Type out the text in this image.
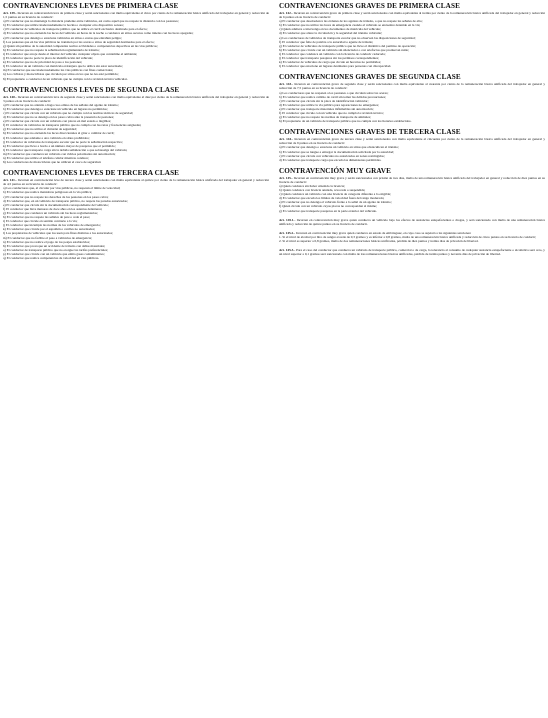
CONTRAVENCIONES LEVES DE PRIMERA CLASE

Art. 139.- Incurren en contravención leve de primera clase y serán sancionados con multa equivalente al cinco por ciento de la remuneración básica unificada del trabajador en general y reducción de 1,5 puntos en su licencia de conducir:

a) El conductor que no mantenga la distancia prudente entre vehículos, así como aquél que no respete la distancia con los peatones;
b) El conductor que utilice inadecuadamente la bocina o cualquier otro dispositivo sonoro;
c) El conductor de vehículos de transporte público que no utilice el carril exclusivo destinado para el efecto;
d) El conductor que no encienda las luces del vehículo en horas de la noche o conduzca en sitios oscuros como túneles con las luces apagadas;
e) El conductor que detenga o estacione vehículos en sitios o zonas que entrañen peligro;
f) Los peatones que en las vías públicas no transiten por las aceras o sitios de seguridad destinados para el efecto;
g) Quien sin permiso de la autoridad competente realice actividades o competencias deportivas en las vías públicas;
h) El conductor que no respete la señalización reglamentaria de tránsito;
i) El conductor que arroje desde el interior del vehículo cualquier objeto que contamine el ambiente;
j) El conductor que no porte la placa de identificación del vehículo;
k) El conductor que no de prioridad de paso a los peatones;
l) El conductor de un vehículo con matrícula extranjera que lo utilice sin estar autorizado;
m) El conductor que use inadecuadamente las vías públicas con fines comerciales;
n) Los ciclistas y motociclistas que circulen por sitios en los que no les esté permitido;
ñ) El propietario o conductor de un vehículo que no cumpla con la revisión técnica vehicular.
CONTRAVENCIONES LEVES DE SEGUNDA CLASE

Art. 140.- Incurren en contravención leve de segunda clase y serán sancionados con multa equivalente al diez por ciento de la remuneración básica unificada del trabajador en general y reducción de 3 puntos en su licencia de conducir:

a) El conductor que no atienda o haga caso omiso de las señales del agente de tránsito;
b) El conductor que detenga o estacione un vehículo en lugares no permitidos;
c) El conductor que circule con un vehículo que no cumpla con las normas técnicas de seguridad;
d) El conductor que no se detenga en los pasos cebra ante la presencia de peatones;
e) El conductor que circule con un vehículo con placas en mal estado o ilegibles;
f) El conductor de vehículos de transporte público que no cumpla con las rutas y frecuencias asignadas;
g) El conductor que no utilice el cinturón de seguridad;
h) El conductor que no encienda las luces direccionales al girar o cambiar de carril;
i) El conductor que adelante a otro vehículo en sitios prohibidos;
j) El conductor de vehículos de transporte escolar que no porte la señalización respectiva;
k) El conductor que lleve a bordo a un número mayor de pasajeros que el permitido;
l) El conductor que transporte carga sin la debida señalización o que sobresalga del vehículo;
m) El conductor que conduzca un vehículo con vidrios polarizados sin autorización;
n) El conductor que utilice el teléfono celular mientras conduce;
ñ) Los conductores de motocicletas que no utilicen el casco de seguridad.
CONTRAVENCIONES LEVES DE TERCERA CLASE

Art. 141.- Incurren en contravención leve de tercera clase y serán sancionados con multa equivalente al quince por ciento de la remuneración básica unificada del trabajador en general y reducción de 4,5 puntos en su licencia de conducir:

a) Los conductores que, al circular por vías públicas, no respeten el límite de velocidad;
b) El conductor que realice maniobras peligrosas en la vía pública;
c) El conductor que no respete los derechos de los peatones en los pasos cebra;
d) El conductor que, en un vehículo de transporte público, no respete las paradas autorizadas;
e) El conductor que circule sin la documentación correspondiente del vehículo;
f) El conductor que lleve menores de doce años en los asientos delanteros;
g) El conductor que conduzca un vehículo sin las luces reglamentarias;
h) El conductor que no respete las señales de pare o ceda el paso;
i) El conductor que circule en sentido contrario a la vía;
j) El conductor que incumpla las normas de los vehículos de emergencia;
k) El conductor que circule por el espaldón o carriles no autorizados;
l) Los propietarios de vehículos que los usen para fines distintos a los autorizados;
m) El conductor que no facilite el paso a vehículos de emergencia;
n) El conductor que no realice el pago de los peajes establecidos;
ñ) El conductor que provoque un accidente de tránsito con daños materiales;
o) El conductor de transporte público que no otorgue las tarifas preferenciales;
p) El conductor que circule con un vehículo que emita gases contaminantes;
q) El conductor que realice competencias de velocidad en vías públicas.
CONTRAVENCIONES GRAVES DE PRIMERA CLASE

Art. 142.- Incurren en contravención grave de primera clase y serán sancionados con multa equivalente al treinta por ciento de la remuneración básica unificada del trabajador en general y reducción de 6 puntos en su licencia de conducir:

a) El conductor que desobedezca las órdenes de los agentes de tránsito, o que no respete las señales de alto;
b) El conductor que no utilice las luces de emergencia cuando el vehículo se encuentre detenido en la vía;
c) Quien adultere o intervenga en los documentos de matrícula del vehículo;
d) El conductor que altere la circulación y la seguridad del tránsito vehicular;
e) Los conductores de vehículos de transporte escolar que no observen las disposiciones de seguridad;
f) El conductor que falte de palabra a la autoridad o agente de tránsito;
g) El conductor de vehículos de transporte público que no lleve el distintivo del permiso de operación;
h) El conductor que circule con un vehículo sin silenciador o con artefactos que produzcan ruido;
i) El conductor que conduzca un vehículo con la licencia de conducir caducada;
j) El conductor que transporte pasajeros sin los permisos correspondientes;
k) El conductor de vehículos de carga que circule en horarios no permitidos;
l) El conductor que estacione en lugares destinados para personas con discapacidad.
CONTRAVENCIONES GRAVES DE SEGUNDA CLASE

Art. 143.- Incurren en contravención grave de segunda clase y serán sancionados con multa equivalente al cuarenta por ciento de la remuneración básica unificada del trabajador en general y reducción de 7,5 puntos en su licencia de conducir:

a) Los conductores que no respeten a los peatones o que circulen sobre las aceras;
b) El conductor que realice cambio de carril sin tomar las debidas precauciones;
c) El conductor que circule sin la placa de identificación vehicular;
d) El conductor que utilice la vía pública para reparaciones no emergentes;
e) El conductor que transporte materiales inflamables sin autorización;
f) El conductor que circule con un vehículo que no cumpla la revisión técnica;
g) El conductor que no respete las normas de transporte de animales;
h) El propietario de un vehículo de transporte público que no cumpla con los horarios establecidos.
CONTRAVENCIONES GRAVES DE TERCERA CLASE

Art. 144.- Incurren en contravención grave de tercera clase y serán sancionados con multa equivalente al cincuenta por ciento de la remuneración básica unificada del trabajador en general y reducción de 9 puntos en su licencia de conducir:

a) El conductor que detenga o estacione un vehículo en sitios que obstaculicen el tránsito;
b) El conductor que se niegue a entregar la documentación solicitada por la autoridad;
c) El conductor que circule con vehículos no autorizados en zonas restringidas;
d) El conductor que transporte carga que exceda las dimensiones permitidas.
CONTRAVENCIÓN MUY GRAVE

Art. 145.- Incurren en contravención muy grave y serán sancionados con prisión de tres días, multa de una remuneración básica unificada del trabajador en general y reducción de diez puntos en su licencia de conducir:

a) Quien conduzca sin haber obtenido la licencia;
b) Quien conduzca con licencia anulada, revocada o suspendida;
c) Quien conduzca un vehículo con una licencia de categoría diferente a la exigible;
d) El conductor que exceda los límites de velocidad fuera del rango moderado;
e) El conductor que no detenga el vehículo frente a la señal de un agente de tránsito;
f) Quien circule con un vehículo cuyas placas no correspondan al mismo;
g) El conductor que transporte pasajeros en la parte exterior del vehículo.

Art. 145.1.- Incurren en contravención muy grave quien conduzca un vehículo bajo los efectos de sustancias estupefacientes o drogas, y será sancionado con multa de una remuneración básica unificada y reducción de quince puntos en su licencia de conducir.

Art. 145.2.- Incurren en contravención muy grave quien conduzca en estado de embriaguez, en cuyo caso se sujetará a las siguientes sanciones:

1. Si el nivel de alcohol por litro de sangre excede de 0,3 gramos y es inferior a 0,8 gramos, multa de una remuneración básica unificada y reducción de cinco puntos en su licencia de conducir;
2. Si el nivel es superior a 0,8 gramos, multa de dos remuneraciones básicas unificadas, pérdida de diez puntos y treinta días de privación de libertad.

Art. 145.3.- Para el caso del conductor que conduzca un vehículo de transporte público, comercial o de carga, la tolerancia al consumo de cualquier sustancia estupefaciente o alcohólica será cero, y un nivel superior a 0,1 gramos será sancionado con multa de tres remuneraciones básicas unificadas, pérdida de treinta puntos y noventa días de privación de libertad.
